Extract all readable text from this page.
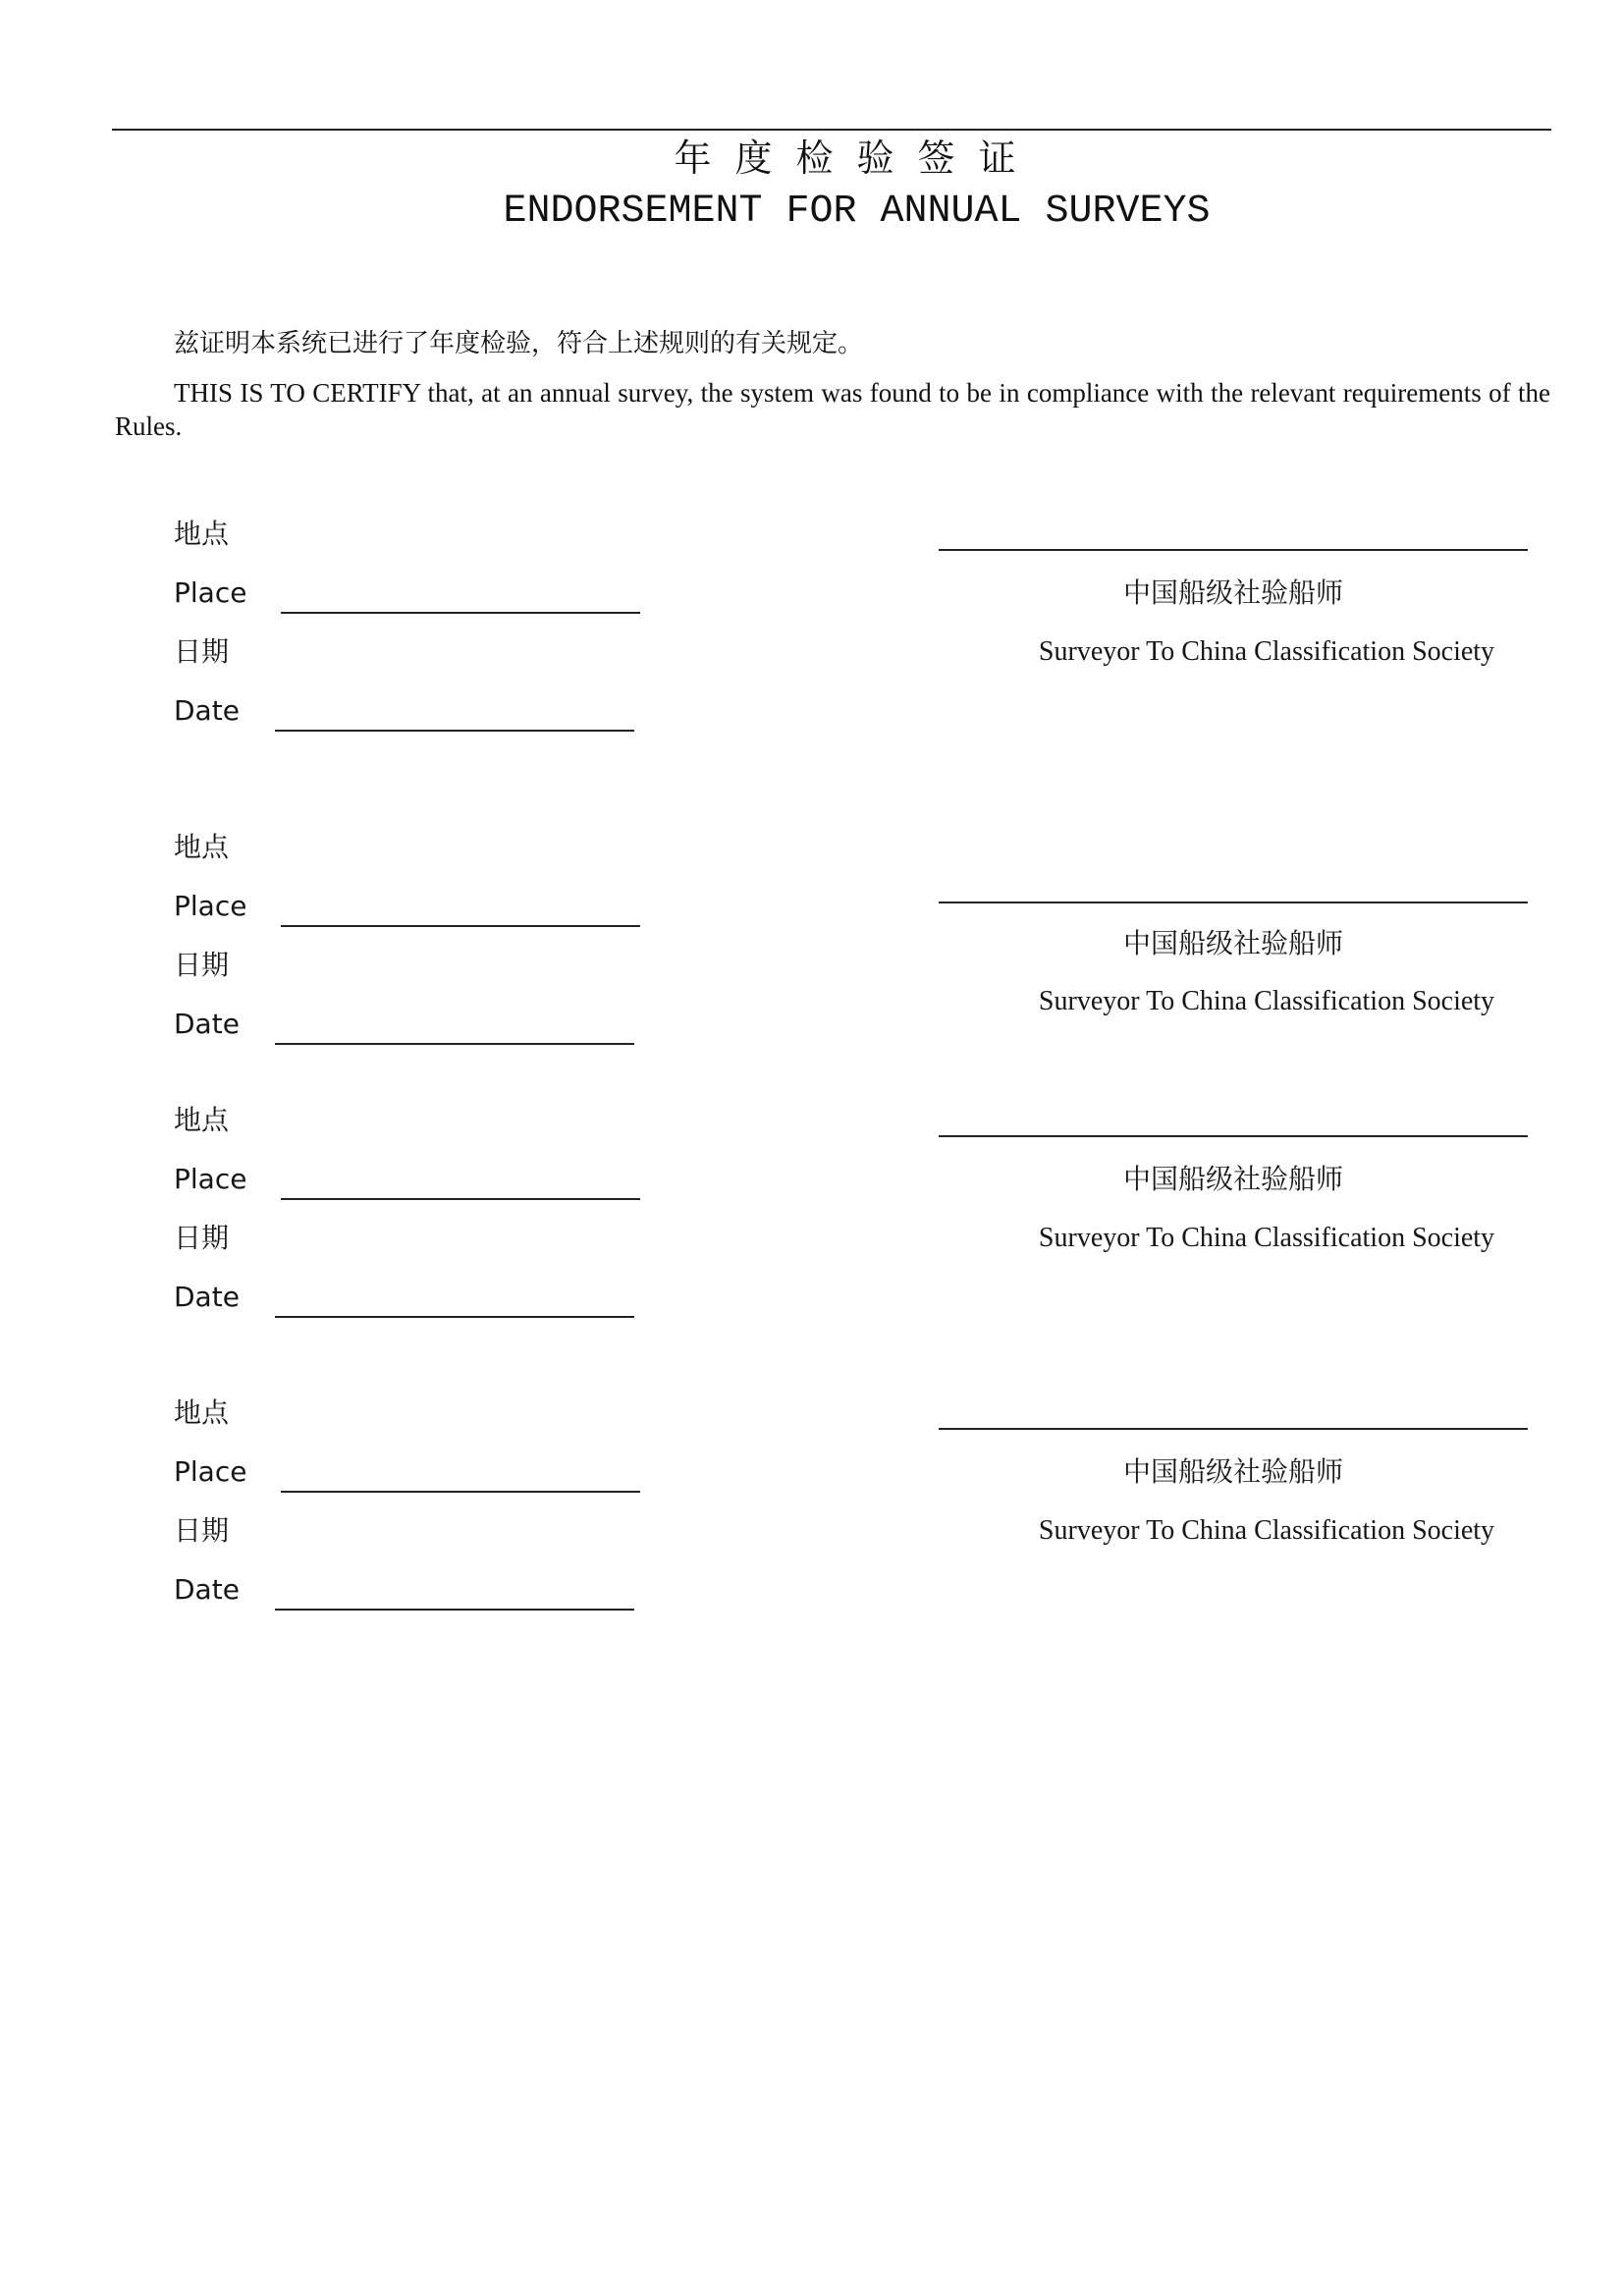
年度检验签证
ENDORSEMENT FOR ANNUAL SURVEYS
兹证明本系统已进行了年度检验，符合上述规则的有关规定。

THIS IS TO CERTIFY that, at an annual survey, the system was found to be in compliance with the relevant requirements of the Rules.

地点
Place
日期
Date
中国船级社验船师
Surveyor To China Classification Society
地点
Place
日期
Date
中国船级社验船师
Surveyor To China Classification Society
地点
Place
日期
Date
中国船级社验船师
Surveyor To China Classification Society
地点
Place
日期
Date
中国船级社验船师
Surveyor To China Classification Society
